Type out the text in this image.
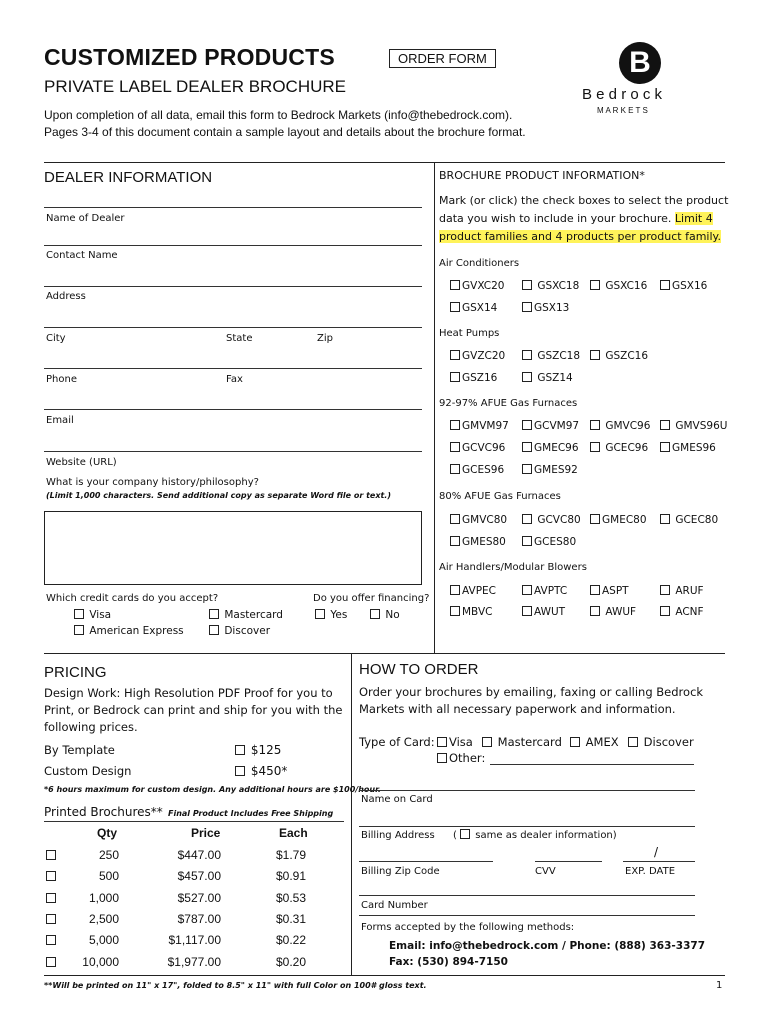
CUSTOMIZED PRODUCTS
PRIVATE LABEL DEALER BROCHURE
ORDER FORM
Upon completion of all data, email this form to Bedrock Markets (info@thebedrock.com).
Pages 3-4 of this document contain a sample layout and details about the brochure format.
B
B e d r o c k
M A R K E T S
DEALER INFORMATION
Name of Dealer
Contact Name
Address
City	State	Zip
Phone	Fax
Email
Website (URL)
What is your company history/philosophy?
(Limit 1,000 characters. Send additional copy as separate Word file or text.)
Which credit cards do you accept?
Visa	Mastercard
American Express	Discover
Do you offer financing?
Yes	No
BROCHURE PRODUCT INFORMATION*
Mark (or click) the check boxes to select the product
data you wish to include in your brochure. Limit 4
product families and 4 products per product family.
Air Conditioners
GVXC20	GSXC18	GSXC16	GSX16
GSX14	GSX13
Heat Pumps
GVZC20	GSZC18	GSZC16
GSZ16	GSZ14
92-97% AFUE Gas Furnaces
GMVM97	GCVM97	GMVC96	GMVS96U
GCVC96	GMEC96	GCEC96	GMES96
GCES96	GMES92
80% AFUE Gas Furnaces
GMVC80	GCVC80	GMEC80	GCEC80
GMES80	GCES80
Air Handlers/Modular Blowers
AVPEC	AVPTC	ASPT	ARUF
MBVC	AWUT	AWUF	ACNF
PRICING
Design Work: High Resolution PDF Proof for you to
Print, or Bedrock can print and ship for you with the
following prices.
By Template	$125
Custom Design	$450*
*6 hours maximum for custom design. Any additional hours are $100/hour.
Printed Brochures** Final Product Includes Free Shipping
Qty	Price	Each
250	$447.00	$1.79
500	$457.00	$0.91
1,000	$527.00	$0.53
2,500	$787.00	$0.31
5,000	$1,117.00	$0.22
10,000	$1,977.00	$0.20
HOW TO ORDER
Order your brochures by emailing, faxing or calling Bedrock
Markets with all necessary paperwork and information.
Type of Card:	Visa	Mastercard	AMEX	Discover
Other:
Name on Card
Billing Address ( same as dealer information)
/
Billing Zip Code	CVV	EXP. DATE
Card Number
Forms accepted by the following methods:
Email: info@thebedrock.com / Phone: (888) 363-3377
Fax: (530) 894-7150
**Will be printed on 11" x 17", folded to 8.5" x 11" with full Color on 100# gloss text.	1
